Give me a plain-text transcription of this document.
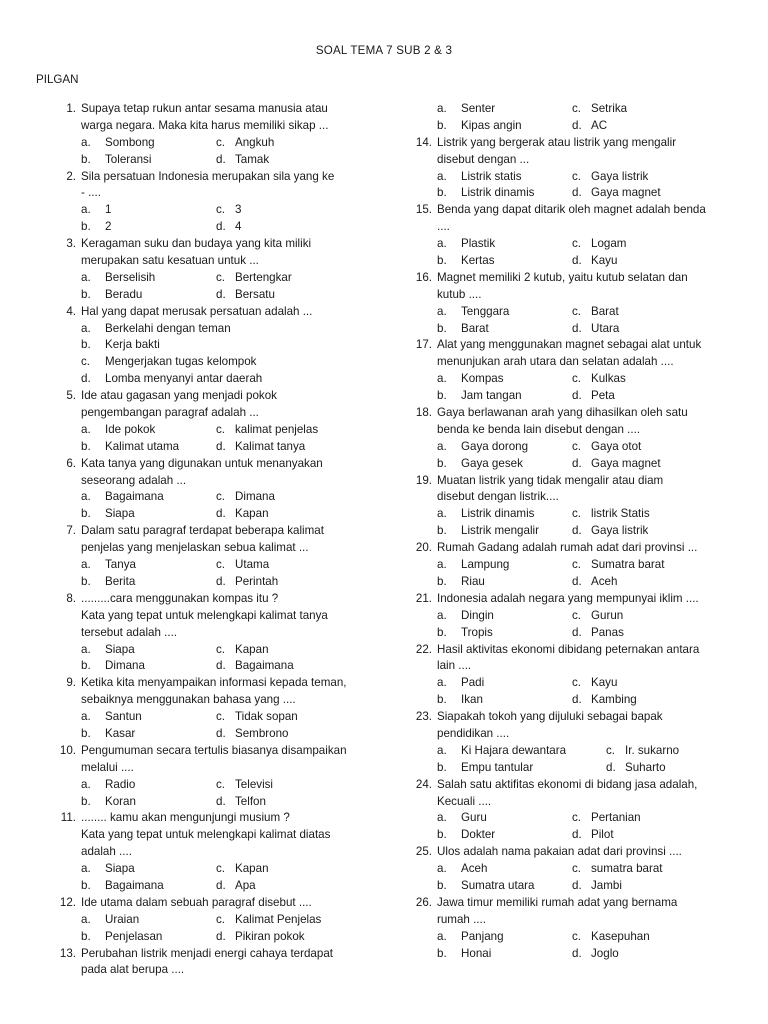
SOAL TEMA 7 SUB 2 & 3
PILGAN
1. Supaya tetap rukun antar sesama manusia atau
warga negara. Maka kita harus memiliki sikap ...
a. Sombong	c. Angkuh
b. Toleransi	d. Tamak
2. Sila persatuan Indonesia merupakan sila yang ke
- ....
a. 1	c. 3
b. 2	d. 4
3. Keragaman suku dan budaya yang kita miliki
merupakan satu kesatuan untuk ...
a. Berselisih	c. Bertengkar
b. Beradu	d. Bersatu
4. Hal yang dapat merusak persatuan adalah ...
a. Berkelahi dengan teman
b. Kerja bakti
c. Mengerjakan tugas kelompok
d. Lomba menyanyi antar daerah
5. Ide atau gagasan yang menjadi pokok
pengembangan paragraf adalah ...
a. Ide pokok	c. kalimat penjelas
b. Kalimat utama	d. Kalimat tanya
6. Kata tanya yang digunakan untuk menanyakan
seseorang adalah ...
a. Bagaimana	c. Dimana
b. Siapa	d. Kapan
7. Dalam satu paragraf terdapat beberapa kalimat
penjelas yang menjelaskan sebua kalimat ...
a. Tanya	c. Utama
b. Berita	d. Perintah
8. .........cara menggunakan kompas itu ?
Kata yang tepat untuk melengkapi kalimat tanya
tersebut adalah ....
a. Siapa	c. Kapan
b. Dimana	d. Bagaimana
9. Ketika kita menyampaikan informasi kepada teman,
sebaiknya menggunakan bahasa yang ....
a. Santun	c. Tidak sopan
b. Kasar	d. Sembrono
10. Pengumuman secara tertulis biasanya disampaikan
melalui ....
a. Radio	c. Televisi
b. Koran	d. Telfon
11. ........ kamu akan mengunjungi musium ?
Kata yang tepat untuk melengkapi kalimat diatas
adalah ....
a. Siapa	c. Kapan
b. Bagaimana	d. Apa
12. Ide utama dalam sebuah paragraf disebut ....
a. Uraian	c. Kalimat Penjelas
b. Penjelasan	d. Pikiran pokok
13. Perubahan listrik menjadi energi cahaya terdapat
pada alat berupa ....
a. Senter	c. Setrika
b. Kipas angin	d. AC
14. Listrik yang bergerak atau listrik yang mengalir
disebut dengan ...
a. Listrik statis	c. Gaya listrik
b. Listrik dinamis	d. Gaya magnet
15. Benda yang dapat ditarik oleh magnet adalah benda
....
a. Plastik	c. Logam
b. Kertas	d. Kayu
16. Magnet memiliki 2 kutub, yaitu kutub selatan dan
kutub ....
a. Tenggara	c. Barat
b. Barat	d. Utara
17. Alat yang menggunakan magnet sebagai alat untuk
menunjukan arah utara dan selatan adalah ....
a. Kompas	c. Kulkas
b. Jam tangan	d. Peta
18. Gaya berlawanan arah yang dihasilkan oleh satu
benda ke benda lain disebut dengan ....
a. Gaya dorong	c. Gaya otot
b. Gaya gesek	d. Gaya magnet
19. Muatan listrik yang tidak mengalir atau diam
disebut dengan listrik....
a. Listrik dinamis	c. listrik Statis
b. Listrik mengalir	d. Gaya listrik
20. Rumah Gadang adalah rumah adat dari provinsi ...
a. Lampung	c. Sumatra barat
b. Riau	d. Aceh
21. Indonesia adalah negara yang mempunyai iklim ....
a. Dingin	c. Gurun
b. Tropis	d. Panas
22. Hasil aktivitas ekonomi dibidang peternakan antara
lain ....
a. Padi	c. Kayu
b. Ikan	d. Kambing
23. Siapakah tokoh yang dijuluki sebagai bapak
pendidikan ....
a. Ki Hajara dewantara	c. Ir. sukarno
b. Empu tantular	d. Suharto
24. Salah satu aktifitas ekonomi di bidang jasa adalah,
Kecuali ....
a. Guru	c. Pertanian
b. Dokter	d. Pilot
25. Ulos adalah nama pakaian adat dari provinsi ....
a. Aceh	c. sumatra barat
b. Sumatra utara	d. Jambi
26. Jawa timur memiliki rumah adat yang bernama
rumah ....
a. Panjang	c. Kasepuhan
b. Honai	d. Joglo
